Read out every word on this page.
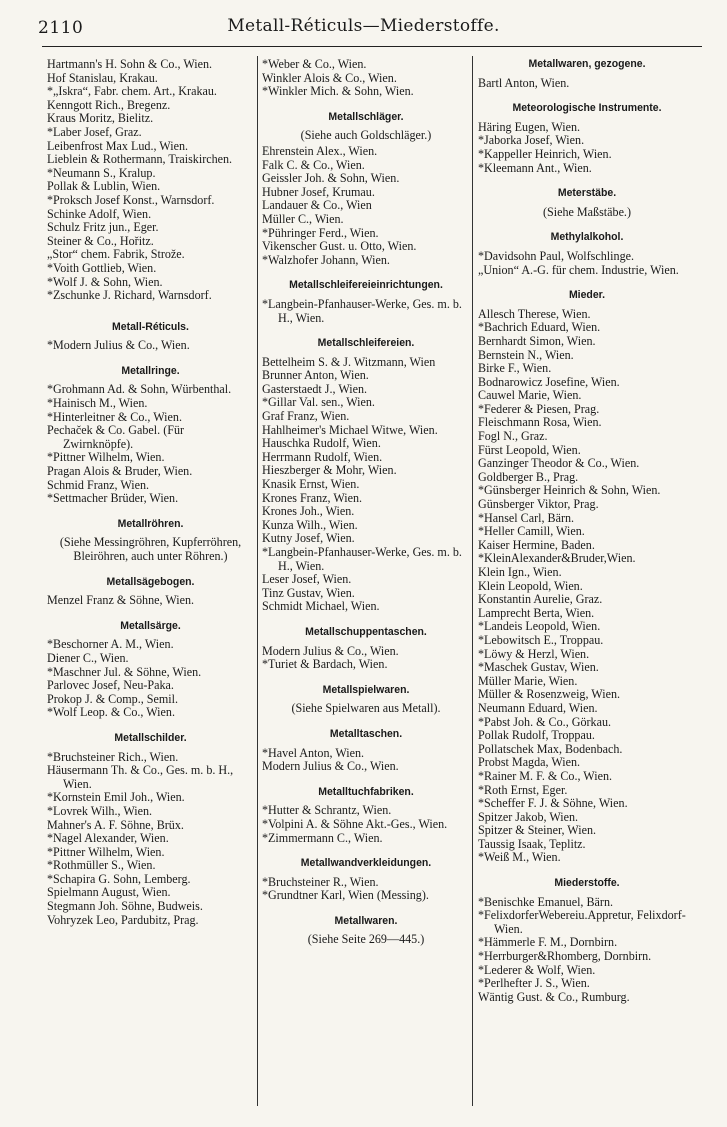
2110	Metall-Réticuls—Miederstoffe.
Hartmann's H. Sohn & Co., Wien.
Hof Stanislau, Krakau.
*„Iskra“, Fabr. chem. Art., Krakau.
Kenngott Rich., Bregenz.
Kraus Moritz, Bielitz.
*Laber Josef, Graz.
Leibenfrost Max Lud., Wien.
Lieblein & Rothermann, Traiskirchen.
*Neumann S., Kralup.
Pollak & Lublin, Wien.
*Proksch Josef Konst., Warnsdorf.
Schinke Adolf, Wien.
Schulz Fritz jun., Eger.
Steiner & Co., Hořitz.
„Stor“ chem. Fabrik, Strože.
*Voith Gottlieb, Wien.
*Wolf J. & Sohn, Wien.
*Zschunke J. Richard, Warnsdorf.
Metall-Réticuls.
*Modern Julius & Co., Wien.
Metallringe.
*Grohmann Ad. & Sohn, Würbenthal.
*Hainisch M., Wien.
*Hinterleitner & Co., Wien.
Pechaček & Co. Gabel. (Für Zwirnknöpfe).
*Pittner Wilhelm, Wien.
Pragan Alois & Bruder, Wien.
Schmid Franz, Wien.
*Settmacher Brüder, Wien.
Metallröhren.
(Siehe Messingröhren, Kupferröhren, Bleiröhren, auch unter Röhren.)
Metallsägebogen.
Menzel Franz & Söhne, Wien.
Metallsärge.
*Beschorner A. M., Wien.
Diener C., Wien.
*Maschner Jul. & Söhne, Wien.
Parlovec Josef, Neu-Paka.
Prokop J. & Comp., Semil.
*Wolf Leop. & Co., Wien.
Metallschilder.
*Bruchsteiner Rich., Wien.
Häusermann Th. & Co., Ges. m. b. H., Wien.
*Kornstein Emil Joh., Wien.
*Lovrek Wilh., Wien.
Mahner's A. F. Söhne, Brüx.
*Nagel Alexander, Wien.
*Pittner Wilhelm, Wien.
*Rothmüller S., Wien.
*Schapira G. Sohn, Lemberg.
Spielmann August, Wien.
Stegmann Joh. Söhne, Budweis.
Vohryzek Leo, Pardubitz, Prag.
*Weber & Co., Wien.
Winkler Alois & Co., Wien.
*Winkler Mich. & Sohn, Wien.
Metallschläger.
(Siehe auch Goldschläger.)
Ehrenstein Alex., Wien.
Falk C. & Co., Wien.
Geissler Joh. & Sohn, Wien.
Hubner Josef, Krumau.
Landauer & Co., Wien
Müller C., Wien.
*Pühringer Ferd., Wien.
Vikenscher Gust. u. Otto, Wien.
*Walzhofer Johann, Wien.
Metallschleifereieinrichtungen.
*Langbein-Pfanhauser-Werke, Ges. m. b. H., Wien.
Metallschleifereien.
Bettelheim S. & J. Witzmann, Wien
Brunner Anton, Wien.
Gasterstaedt J., Wien.
*Gillar Val. sen., Wien.
Graf Franz, Wien.
Hahlheimer's Michael Witwe, Wien.
Hauschka Rudolf, Wien.
Herrmann Rudolf, Wien.
Hieszberger & Mohr, Wien.
Knasik Ernst, Wien.
Krones Franz, Wien.
Krones Joh., Wien.
Kunza Wilh., Wien.
Kutny Josef, Wien.
*Langbein-Pfanhauser-Werke, Ges. m. b. H., Wien.
Leser Josef, Wien.
Tinz Gustav, Wien.
Schmidt Michael, Wien.
Metallschuppentaschen.
Modern Julius & Co., Wien.
*Turiet & Bardach, Wien.
Metallspielwaren.
(Siehe Spielwaren aus Metall).
Metalltaschen.
*Havel Anton, Wien.
Modern Julius & Co., Wien.
Metalltuchfabriken.
*Hutter & Schrantz, Wien.
*Volpini A. & Söhne Akt.-Ges., Wien.
*Zimmermann C., Wien.
Metallwandverkleidungen.
*Bruchsteiner R., Wien.
*Grundtner Karl, Wien (Messing).
Metallwaren.
(Siehe Seite 269—445.)
Metallwaren, gezogene.
Bartl Anton, Wien.
Meteorologische Instrumente.
Häring Eugen, Wien.
*Jaborka Josef, Wien.
*Kappeller Heinrich, Wien.
*Kleemann Ant., Wien.
Meterstäbe.
(Siehe Maßstäbe.)
Methylalkohol.
*Davidsohn Paul, Wolfschlinge.
„Union“ A.-G. für chem. Industrie, Wien.
Mieder.
Allesch Therese, Wien.
*Bachrich Eduard, Wien.
Bernhardt Simon, Wien.
Bernstein N., Wien.
Birke F., Wien.
Bodnarowicz Josefine, Wien.
Cauwel Marie, Wien.
*Federer & Piesen, Prag.
Fleischmann Rosa, Wien.
Fogl N., Graz.
Fürst Leopold, Wien.
Ganzinger Theodor & Co., Wien.
Goldberger B., Prag.
*Günsberger Heinrich & Sohn, Wien.
Günsberger Viktor, Prag.
*Hansel Carl, Bärn.
*Heller Camill, Wien.
Kaiser Hermine, Baden.
*KleinAlexander&Bruder,Wien.
Klein Ign., Wien.
Klein Leopold, Wien.
Konstantin Aurelie, Graz.
Lamprecht Berta, Wien.
*Landeis Leopold, Wien.
*Lebowitsch E., Troppau.
*Löwy & Herzl, Wien.
*Maschek Gustav, Wien.
Müller Marie, Wien.
Müller & Rosenzweig, Wien.
Neumann Eduard, Wien.
*Pabst Joh. & Co., Görkau.
Pollak Rudolf, Troppau.
Pollatschek Max, Bodenbach.
Probst Magda, Wien.
*Rainer M. F. & Co., Wien.
*Roth Ernst, Eger.
*Scheffer F. J. & Söhne, Wien.
Spitzer Jakob, Wien.
Spitzer & Steiner, Wien.
Taussig Isaak, Teplitz.
*Weiß M., Wien.
Miederstoffe.
*Benischke Emanuel, Bärn.
*FelixdorferWebereiu.Appretur, Felixdorf-Wien.
*Hämmerle F. M., Dornbirn.
*Herrburger&Rhomberg, Dornbirn.
*Lederer & Wolf, Wien.
*Perlhefter J. S., Wien.
Wäntig Gust. & Co., Rumburg.
